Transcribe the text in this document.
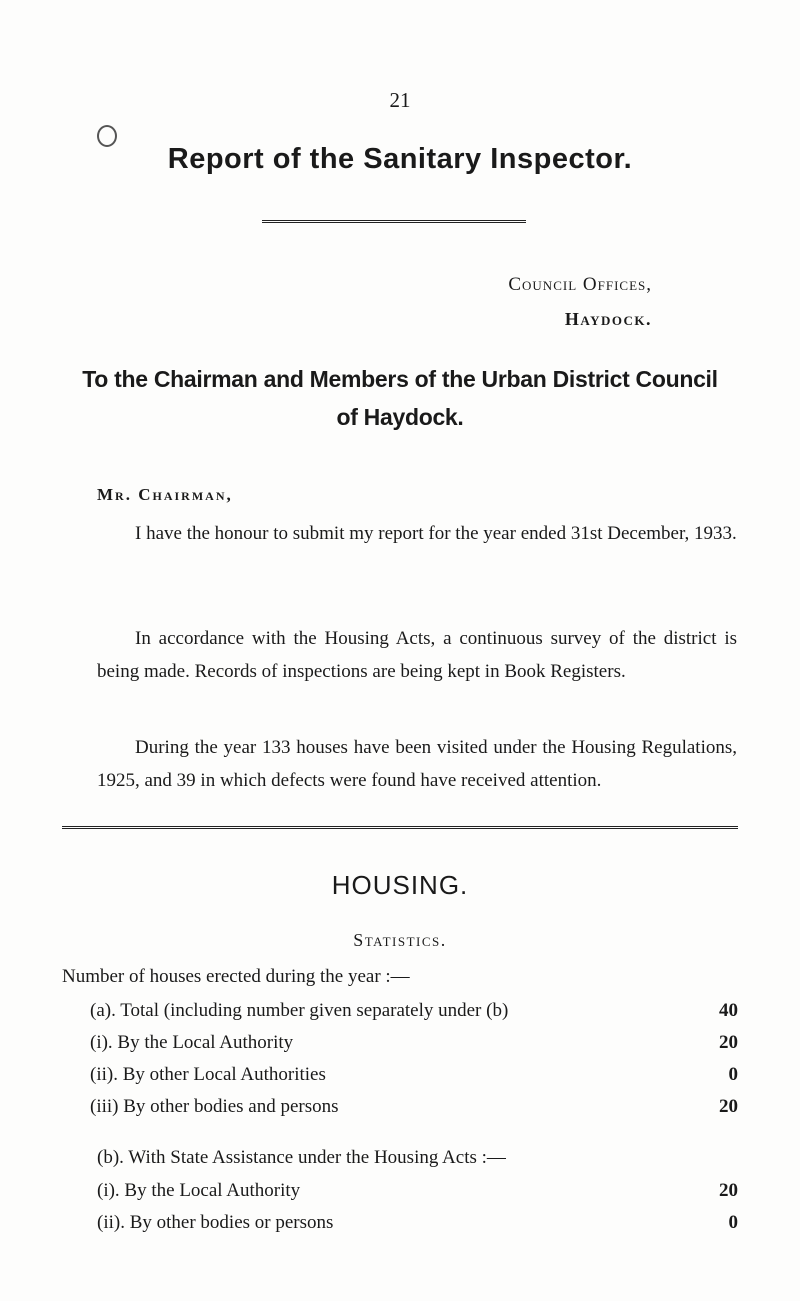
21
Report of the Sanitary Inspector.
Council Offices,
Haydock.
To the Chairman and Members of the Urban District Council
of Haydock.
Mr. Chairman,
I have the honour to submit my report for the year ended 31st December, 1933.
In accordance with the Housing Acts, a continuous survey of the district is being made. Records of inspections are being kept in Book Registers.
During the year 133 houses have been visited under the Housing Regulations, 1925, and 39 in which defects were found have received attention.
HOUSING.
Statistics.
Number of houses erected during the year :—
(a). Total (including number given separately under (b)	40
(i). By the Local Authority	20
(ii). By other Local Authorities	0
(iii) By other bodies and persons	20
(b). With State Assistance under the Housing Acts :—
(i). By the Local Authority	20
(ii). By other bodies or persons	0
